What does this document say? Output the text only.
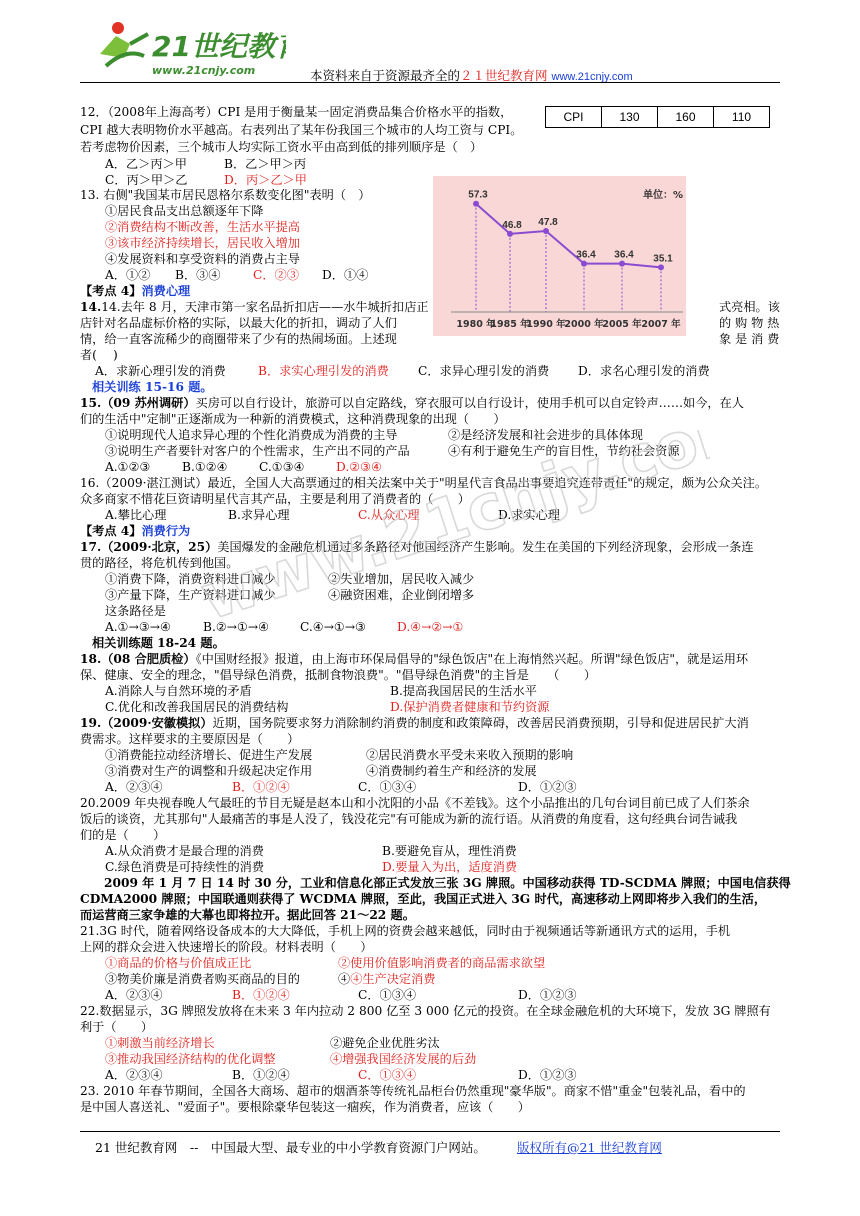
21世纪教
www.21cnjy.com	本资料来自于资源最齐全的２１世纪教育网 www.21cnjy.com
CPI	130	160	110
12．（2008年上海高考）CPI 是用于衡量某一固定消费品集合价格水平的指数，
CPI 越大表明物价水平越高。右表列出了某年份我国三个城市的人均工资与 CPI。
若考虑物价因素，三个城市人均实际工资水平由高到低的排列顺序是（　）
A．乙＞丙＞甲	B．乙＞甲＞丙
C．丙＞甲＞乙	D．丙＞乙＞甲
13. 右侧"我国某市居民恩格尔系数变化图"表明（　）
①居民食品支出总额逐年下降
②消费结构不断改善，生活水平提高
③该市经济持续增长，居民收入增加
④发展资料和享受资料的消费占主导
A．①② B．③④	C．②③ D．①④
57.3
1980 年
46.8
1985 年
47.8
1990 年
36.4
2000 年
36.4
2005 年
35.1
2007 年
单位：%
【考点 4】消费心理
14.14.去年 8 月，天津市第一家名品折扣店——水牛城折扣店正	式亮相。该
店针对名品虚标价格的实际，以最大化的折扣，调动了人们	的 购 物 热
情，给一直客流稀少的商圈带来了少有的热闹场面。上述现	象 是 消 费
者(　 )
A．求新心理引发的消费	B．求实心理引发的消费 C．求异心理引发的消费 D．求名心理引发的消费
相关训练 15-16 题。
15.（09 苏州调研）买房可以自行设计，旅游可以自定路线，穿衣服可以自行设计，使用手机可以自定铃声……如今，在人
们的生活中"定制"正逐渐成为一种新的消费模式，这种消费现象的出现（　　）
①说明现代人追求异心理的个性化消费成为消费的主导	②是经济发展和社会进步的具体体现
③说明生产者要针对客户的个性需求，生产出不同的产品	④有利于避免生产的盲目性，节约社会资源
A.①②③	B.①②④	C.①③④	D.②③④
16.（2009·湛江测试）最近，全国人大高票通过的相关法案中关于"明星代言食品出事要追究连带责任"的规定，颇为公众关注。
众多商家不惜花巨资请明星代言其产品，主要是利用了消费者的（　　）
A.攀比心理	B.求异心理	C.从众心理	D.求实心理
【考点 4】消费行为
17.（2009·北京，25）美国爆发的金融危机通过多条路径对他国经济产生影响。发生在美国的下列经济现象，会形成一条连
贯的路径，将危机传到他国。
①消费下降，消费资料进口减少	②失业增加，居民收入减少
③产量下降，生产资料进口减少	④融资困难，企业倒闭增多
这条路径是
A.①→③→④	B.②→①→④	C.④→①→③	D.④→②→①
相关训练题 18-24 题。
18.（08 合肥质检）《中国财经报》报道，由上海市环保局倡导的"绿色饭店"在上海悄然兴起。所谓"绿色饭店"，就是运用环
保、健康、安全的理念，"倡导绿色消费，抵制食物浪费"。"倡导绿色消费"的主旨是　　（　　）
A.消除人与自然环境的矛盾	B.提高我国居民的生活水平
C.优化和改善我国居民的消费结构	D.保护消费者健康和节约资源
19.（2009·安徽模拟）近期，国务院要求努力消除制约消费的制度和政策障碍，改善居民消费预期，引导和促进居民扩大消
费需求。这样要求的主要原因是（　　）
①消费能拉动经济增长、促进生产发展	②居民消费水平受未来收入预期的影响
③消费对生产的调整和升级起决定作用	④消费制约着生产和经济的发展
A．②③④	B．①②④	C．①③④	D．①②③
20.2009 年央视春晚人气最旺的节目无疑是赵本山和小沈阳的小品《不差钱》。这个小品推出的几句台词目前已成了人们茶余
饭后的谈资，尤其那句"人最痛苦的事是人没了，钱没花完"有可能成为新的流行语。从消费的角度看，这句经典台词告诫我
们的是（　　）
A.从众消费才是最合理的消费	B.要避免盲从，理性消费
C.绿色消费是可持续性的消费	D.要量入为出，适度消费
2009 年 1 月 7 日 14 时 30 分，工业和信息化部正式发放三张 3G 牌照。中国移动获得 TD-SCDMA 牌照；中国电信获得
CDMA2000 牌照；中国联通则获得了 WCDMA 牌照，至此，我国正式进入 3G 时代，高速移动上网即将步入我们的生活，
而运营商三家争雄的大幕也即将拉开。据此回答 21～22 题。
21.3G 时代，随着网络设备成本的大大降低，手机上网的资费会越来越低，同时由于视频通话等新通讯方式的运用，手机
上网的群众会进入快速增长的阶段。材料表明（　　）
①商品的价格与价值成正比	②使用价值影响消费者的商品需求欲望
③物美价廉是消费者购买商品的目的	④④生产决定消费
A．②③④	B．①②④	C．①③④	D．①②③
22.数据显示，3G 牌照发放将在未来 3 年内拉动 2 800 亿至 3 000 亿元的投资。在全球金融危机的大环境下，发放 3G 牌照有
利于（　　）
①刺激当前经济增长	②避免企业优胜劣汰
③推动我国经济结构的优化调整	④增强我国经济发展的后劲
A．②③④	B．①②④	C．①③④	D．①②③
23. 2010 年春节期间，全国各大商场、超市的烟酒茶等传统礼品柜台仍然重现"豪华版"。商家不惜"重金"包装礼品，看中的
是中国人喜送礼、"爱面子"。要根除豪华包装这一痼疾，作为消费者，应该（　　）
21 世纪教育网　--　中国最大型、最专业的中小学教育资源门户网站。 版权所有@21 世纪教育网
www.21cnjy.com
